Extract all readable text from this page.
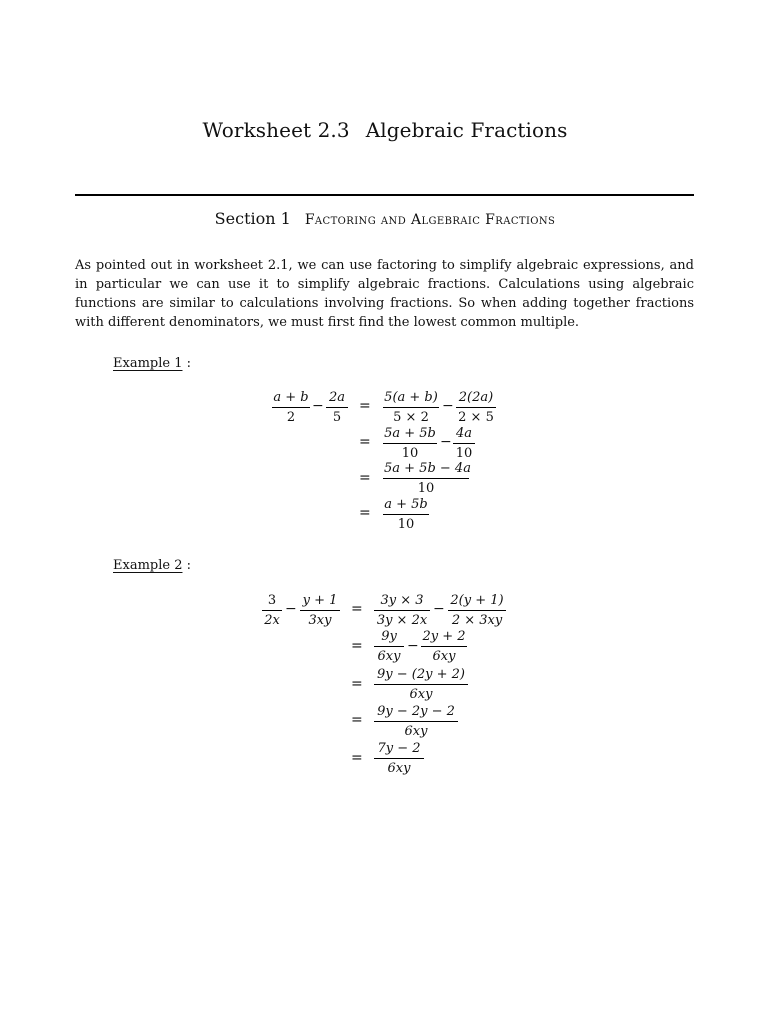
Worksheet 2.3 Algebraic Fractions
Section 1 Factoring and Algebraic Fractions

As pointed out in worksheet 2.1, we can use factoring to simplify algebraic expressions, and in particular we can use it to simplify algebraic fractions. Calculations using algebraic functions are similar to calculations involving fractions. So when adding together fractions with different denominators, we must first find the lowest common multiple.

Example 1 :
a + b
2
−
2a
5
=
5(a + b)
5 × 2
−
2(2a)
2 × 5
=
5a + 5b
10
−
4a
10
=
5a + 5b − 4a
10
=
a + 5b
10
Example 2 :
3
2x
−
y + 1
3xy
=
3y × 3
3y × 2x
−
2(y + 1)
2 × 3xy
=
9y
6xy
−
2y + 2
6xy
=
9y − (2y + 2)
6xy
=
9y − 2y − 2
6xy
=
7y − 2
6xy
